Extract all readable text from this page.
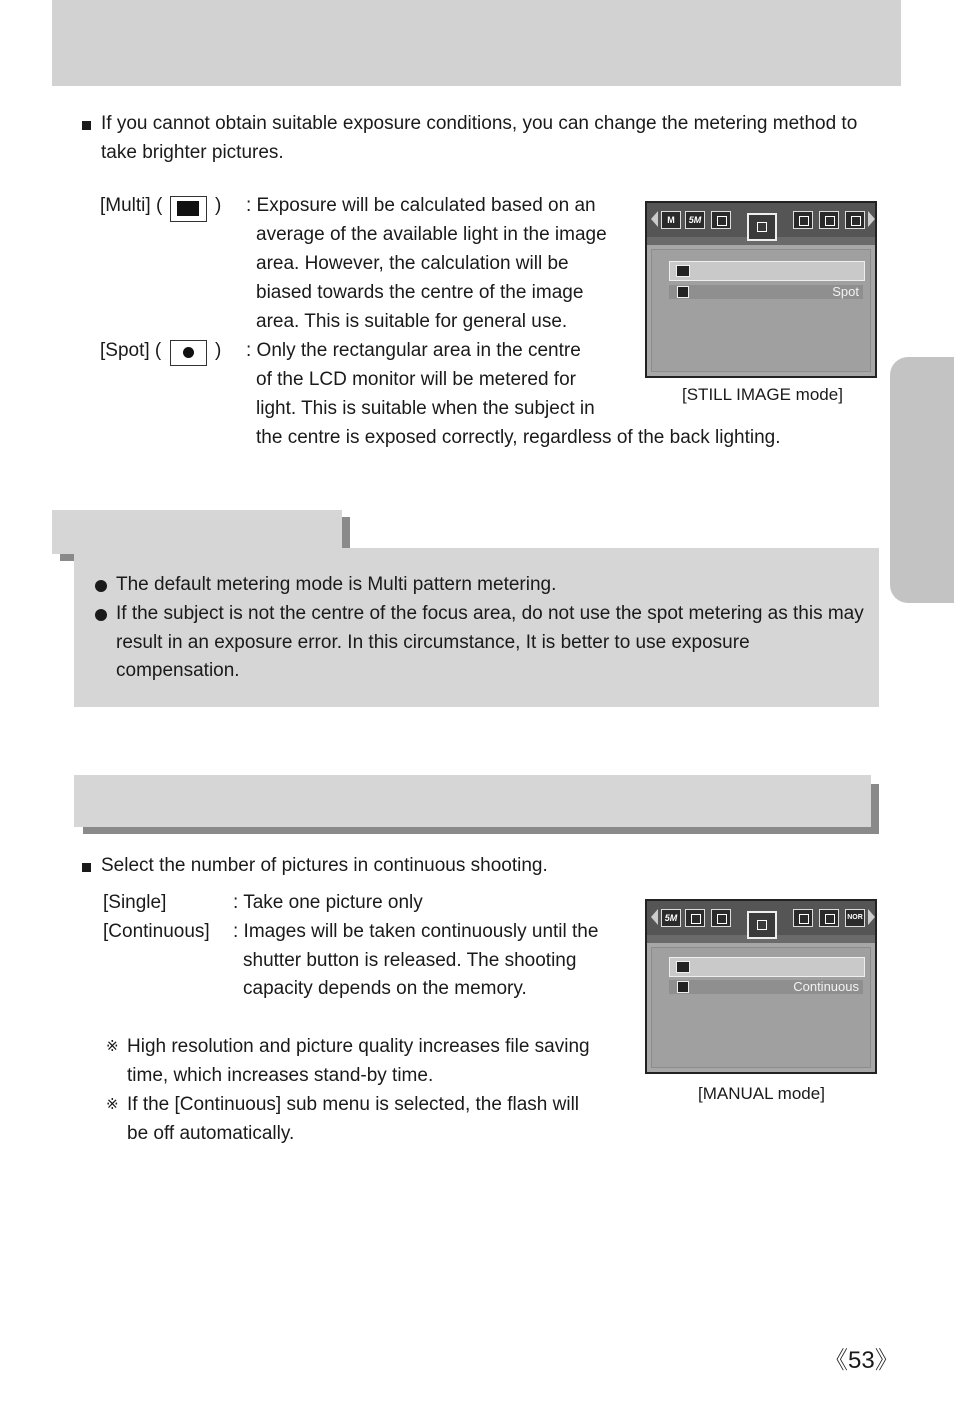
If you cannot obtain suitable exposure conditions, you can change the metering method to
take brighter pictures.
[Multi] (	) : Exposure will be calculated based on an
average of the available light in the image
area. However, the calculation will be
biased towards the centre of the image
area. This is suitable for general use.
[Spot] (	) : Only the rectangular area in the centre
of the LCD monitor will be metered for
light. This is suitable when the subject in
the centre is exposed correctly, regardless of the back lighting.
M	5M
Spot
[STILL IMAGE mode]
The default metering mode is Multi pattern metering.
If the subject is not the centre of the focus area, do not use the spot metering as this may
result in an exposure error. In this circumstance, It is better to use exposure
compensation.
Select the number of pictures in continuous shooting.
[Single]	: Take one picture only
[Continuous] : Images will be taken continuously until the
shutter button is released. The shooting
capacity depends on the memory.
※ High resolution and picture quality increases file saving
time, which increases stand-by time.
※ If the [Continuous] sub menu is selected, the flash will
be off automatically.
5M	NOR
Continuous
[MANUAL mode]
《53》
